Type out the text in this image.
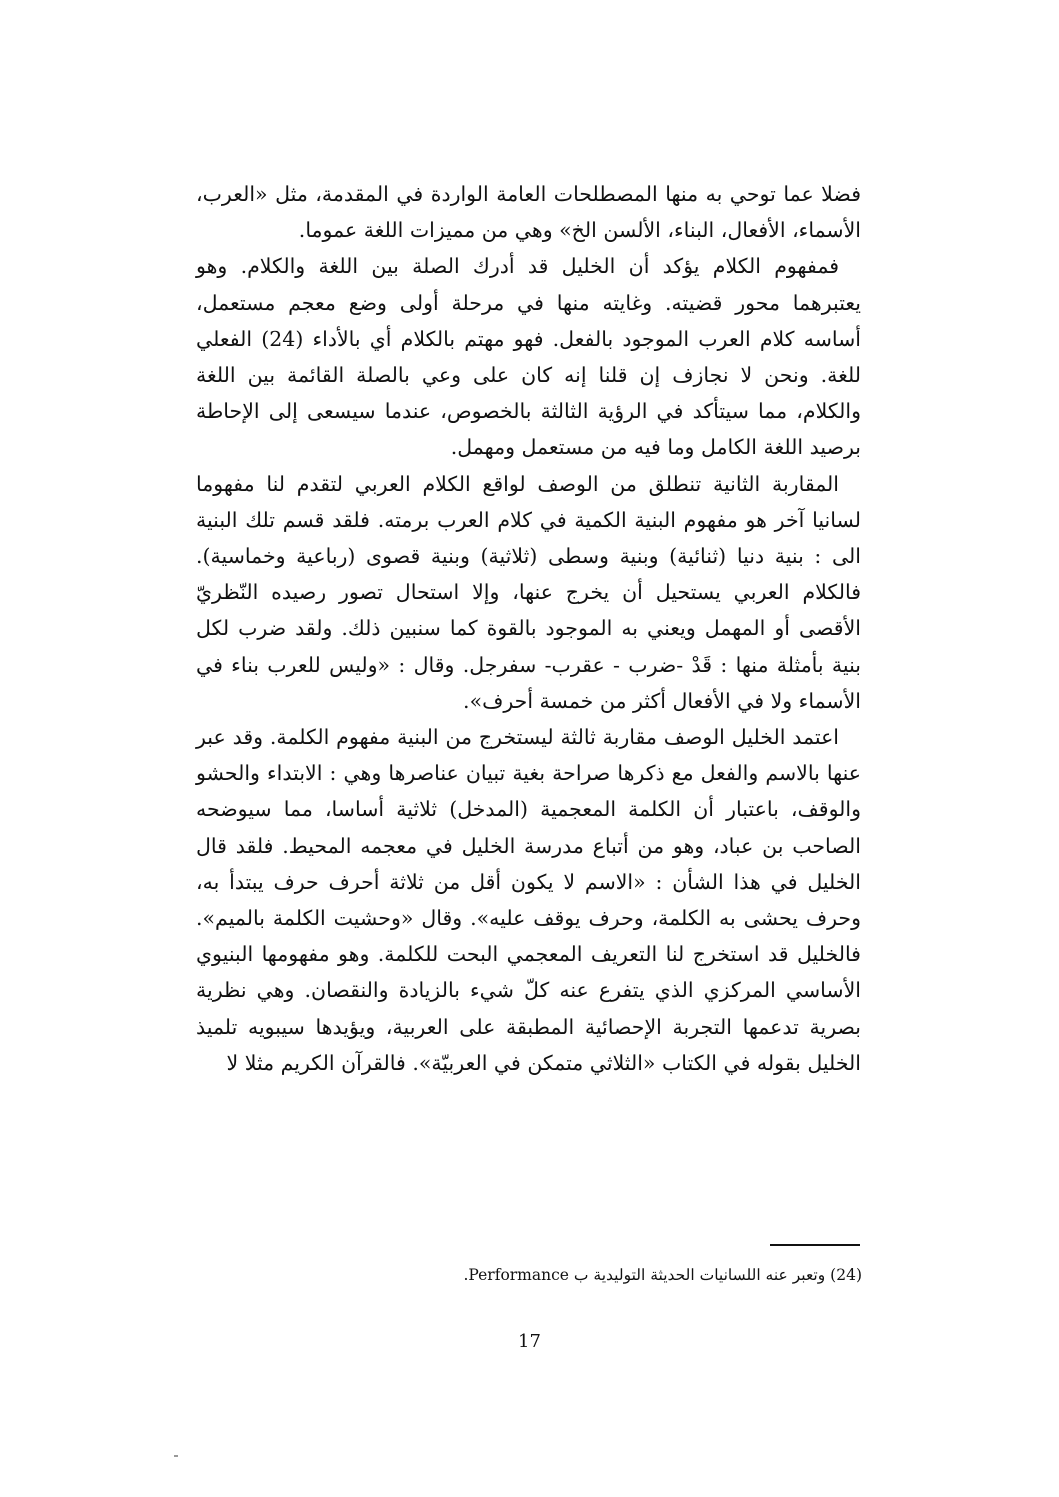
فضلا عما توحي به منها المصطلحات العامة الواردة في المقدمة، مثل «العرب، الأسماء، الأفعال، البناء، الألسن الخ» وهي من مميزات اللغة عموما.

فمفهوم الكلام يؤكد أن الخليل قد أدرك الصلة بين اللغة والكلام. وهو يعتبرهما محور قضيته. وغايته منها في مرحلة أولى وضع معجم مستعمل، أساسه كلام العرب الموجود بالفعل. فهو مهتم بالكلام أي بالأداء (24) الفعلي للغة. ونحن لا نجازف إن قلنا إنه كان على وعي بالصلة القائمة بين اللغة والكلام، مما سيتأكد في الرؤية الثالثة بالخصوص، عندما سيسعى إلى الإحاطة برصيد اللغة الكامل وما فيه من مستعمل ومهمل.

المقاربة الثانية تنطلق من الوصف لواقع الكلام العربي لتقدم لنا مفهوما لسانيا آخر هو مفهوم البنية الكمية في كلام العرب برمته. فلقد قسم تلك البنية الى : بنية دنيا (ثنائية) وبنية وسطى (ثلاثية) وبنية قصوى (رباعية وخماسية). فالكلام العربي يستحيل أن يخرج عنها، وإلا استحال تصور رصيده النّظريّ الأقصى أو المهمل ويعني به الموجود بالقوة كما سنبين ذلك. ولقد ضرب لكل بنية بأمثلة منها : قَدْ -ضرب - عقرب- سفرجل. وقال : «وليس للعرب بناء في الأسماء ولا في الأفعال أكثر من خمسة أحرف».

اعتمد الخليل الوصف مقاربة ثالثة ليستخرج من البنية مفهوم الكلمة. وقد عبر عنها بالاسم والفعل مع ذكرها صراحة بغية تبيان عناصرها وهي : الابتداء والحشو والوقف، باعتبار أن الكلمة المعجمية (المدخل) ثلاثية أساسا، مما سيوضحه الصاحب بن عباد، وهو من أتباع مدرسة الخليل في معجمه المحيط. فلقد قال الخليل في هذا الشأن : «الاسم لا يكون أقل من ثلاثة أحرف حرف يبتدأ به، وحرف يحشى به الكلمة، وحرف يوقف عليه». وقال «وحشيت الكلمة بالميم». فالخليل قد استخرج لنا التعريف المعجمي البحت للكلمة. وهو مفهومها البنيوي الأساسي المركزي الذي يتفرع عنه كلّ شيء بالزيادة والنقصان. وهي نظرية بصرية تدعمها التجربة الإحصائية المطبقة على العربية، ويؤيدها سيبويه تلميذ الخليل بقوله في الكتاب «الثلاثي متمكن في العربيّة». فالقرآن الكريم مثلا لا

(24) وتعبر عنه اللسانيات الحديثة التوليدية ب Performance.
17
